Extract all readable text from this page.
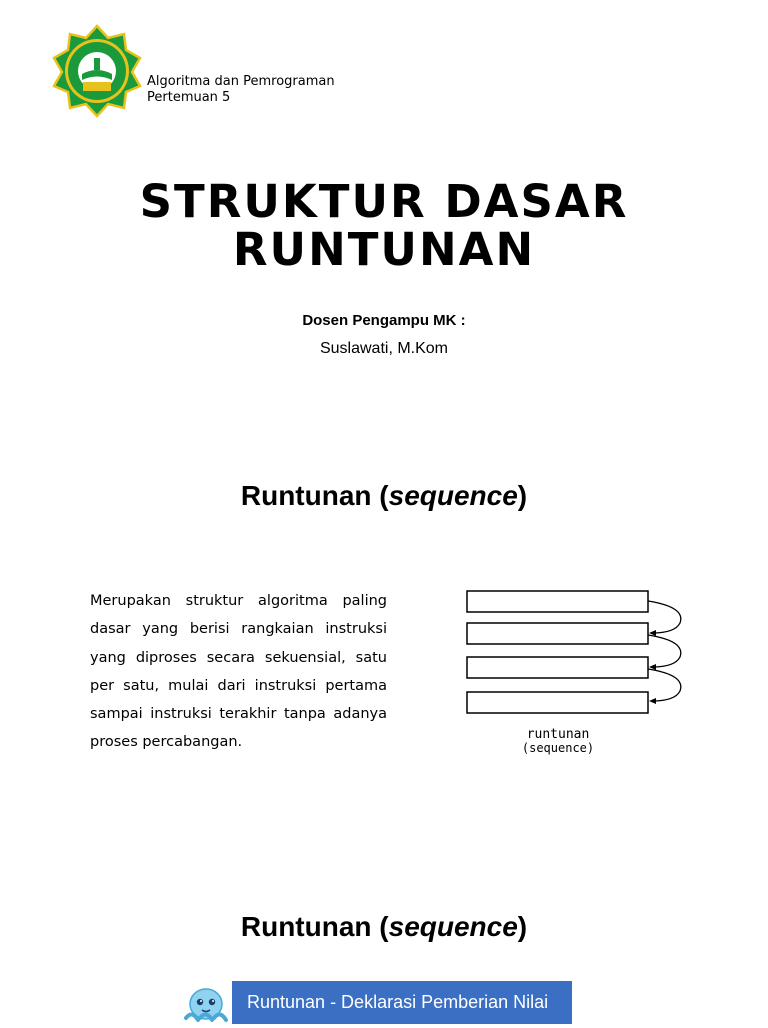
Algoritma dan Pemrograman
Pertemuan 5
STRUKTUR DASAR
RUNTUNAN
Dosen Pengampu MK :
Suslawati, M.Kom
Runtunan (sequence)

Merupakan struktur algoritma paling dasar yang berisi rangkaian instruksi yang diproses secara sekuensial, satu per satu, mulai dari instruksi pertama sampai instruksi terakhir tanpa adanya proses percabangan.	runtunan
(sequence)
Runtunan (sequence)
Runtunan - Deklarasi Pemberian Nilai
